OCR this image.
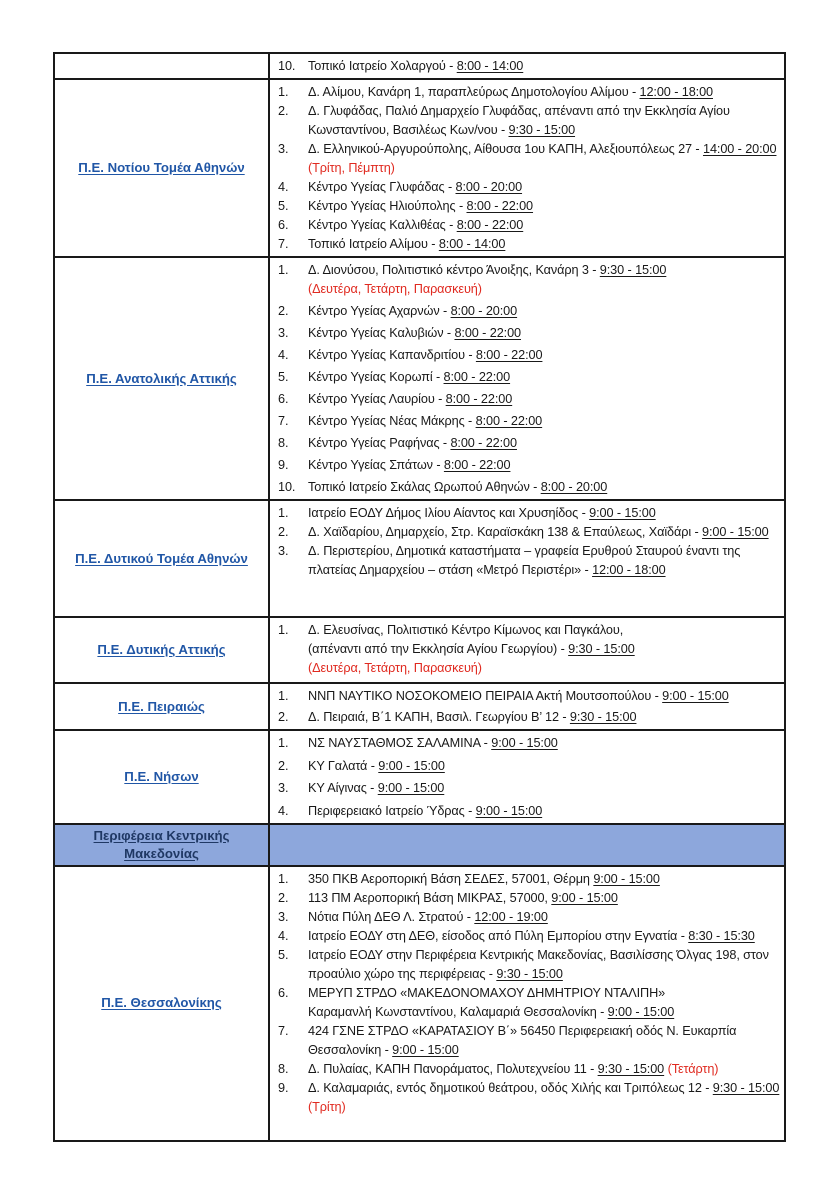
10. Τοπικό Ιατρείο Χολαργού - 8:00 - 14:00
Π.Ε. Νοτίου Τομέα Αθηνών
1.	Δ. Αλίμου, Κανάρη 1, παραπλεύρως Δημοτολογίου Αλίμου - 12:00 - 18:00
2.	Δ. Γλυφάδας, Παλιό Δημαρχείο Γλυφάδας, απέναντι από την Εκκλησία Αγίου Κωνσταντίνου, Βασιλέως Κων/νου - 9:30 - 15:00
3.	Δ. Ελληνικού-Αργυρούπολης, Αίθουσα 1ου ΚΑΠΗ, Αλεξιουπόλεως 27 - 14:00 - 20:00 (Τρίτη, Πέμπτη)
4.	Κέντρο Υγείας Γλυφάδας - 8:00 - 20:00
5.	Κέντρο Υγείας Ηλιούπολης - 8:00 - 22:00
6.	Κέντρο Υγείας Καλλιθέας - 8:00 - 22:00
7.	Τοπικό Ιατρείο Αλίμου - 8:00 - 14:00
Π.Ε. Ανατολικής Αττικής
1.	Δ. Διονύσου, Πολιτιστικό κέντρο Άνοιξης, Κανάρη 3 - 9:30 - 15:00
(Δευτέρα, Τετάρτη, Παρασκευή)
2.	Κέντρο Υγείας Αχαρνών - 8:00 - 20:00
3.	Κέντρο Υγείας Καλυβιών - 8:00 - 22:00
4.	Κέντρο Υγείας Καπανδριτίου - 8:00 - 22:00
5.	Κέντρο Υγείας Κορωπί - 8:00 - 22:00
6.	Κέντρο Υγείας Λαυρίου - 8:00 - 22:00
7.	Κέντρο Υγείας Νέας Μάκρης - 8:00 - 22:00
8.	Κέντρο Υγείας Ραφήνας - 8:00 - 22:00
9.	Κέντρο Υγείας Σπάτων - 8:00 - 22:00
10. Τοπικό Ιατρείο Σκάλας Ωρωπού Αθηνών - 8:00 - 20:00
Π.Ε. Δυτικού Τομέα Αθηνών
1.	Ιατρείο ΕΟΔΥ Δήμος Ιλίου Αίαντος και Χρυσηίδος - 9:00 - 15:00
2.	Δ. Χαϊδαρίου, Δημαρχείο, Στρ. Καραϊσκάκη 138 & Επαύλεως, Χαϊδάρι - 9:00 - 15:00
3.	Δ. Περιστερίου, Δημοτικά καταστήματα – γραφεία Ερυθρού Σταυρού έναντι της πλατείας Δημαρχείου – στάση «Μετρό Περιστέρι» - 12:00 - 18:00
Π.Ε. Δυτικής Αττικής
1.	Δ. Ελευσίνας, Πολιτιστικό Κέντρο Κίμωνος και Παγκάλου,
(απέναντι από την Εκκλησία Αγίου Γεωργίου) - 9:30 - 15:00
(Δευτέρα, Τετάρτη, Παρασκευή)
Π.Ε. Πειραιώς
1.	ΝΝΠ ΝΑΥΤΙΚΟ ΝΟΣΟΚΟΜΕΙΟ ΠΕΙΡΑΙΑ Ακτή Μουτσοπούλου - 9:00 - 15:00
2.	Δ. Πειραιά, Β΄1 ΚΑΠΗ, Βασιλ. Γεωργίου Β’ 12 - 9:30 - 15:00
Π.Ε. Νήσων
1.	ΝΣ ΝΑΥΣΤΑΘΜΟΣ ΣΑΛΑΜΙΝΑ - 9:00 - 15:00
2.	ΚΥ Γαλατά - 9:00 - 15:00
3.	ΚΥ Αίγινας - 9:00 - 15:00
4.	Περιφερειακό Ιατρείο Ύδρας - 9:00 - 15:00
Περιφέρεια Κεντρικής Μακεδονίας
Π.Ε. Θεσσαλονίκης
1.	350 ΠΚΒ Αεροπορική Βάση ΣΕΔΕΣ, 57001, Θέρμη 9:00 - 15:00
2.	113 ΠΜ Αεροπορική Βάση ΜΙΚΡΑΣ, 57000, 9:00 - 15:00
3.	Νότια Πύλη ΔΕΘ Λ. Στρατού - 12:00 - 19:00
4.	Ιατρείο ΕΟΔΥ στη ΔΕΘ, είσοδος από Πύλη Εμπορίου στην Εγνατία - 8:30 - 15:30
5.	Ιατρείο ΕΟΔΥ στην Περιφέρεια Κεντρικής Μακεδονίας, Βασιλίσσης Όλγας 198, στον προαύλιο χώρο της περιφέρειας - 9:30 - 15:00
6.	ΜΕΡΥΠ ΣΤΡΔΟ «ΜΑΚΕΔΟΝΟΜΑΧΟΥ ΔΗΜΗΤΡΙΟΥ ΝΤΑΛΙΠΗ»
Καραμανλή Κωνσταντίνου, Καλαμαριά Θεσσαλονίκη - 9:00 - 15:00
7.	424 ΓΣΝΕ ΣΤΡΔΟ «ΚΑΡΑΤΑΣΙΟΥ Β΄» 56450 Περιφερειακή οδός Ν. Ευκαρπία Θεσσαλονίκη - 9:00 - 15:00
8.	Δ. Πυλαίας, ΚΑΠΗ Πανοράματος, Πολυτεχνείου 11 - 9:30 - 15:00 (Τετάρτη)
9.	Δ. Καλαμαριάς, εντός δημοτικού θεάτρου, οδός Χιλής και Τριπόλεως 12 - 9:30 - 15:00 (Τρίτη)
